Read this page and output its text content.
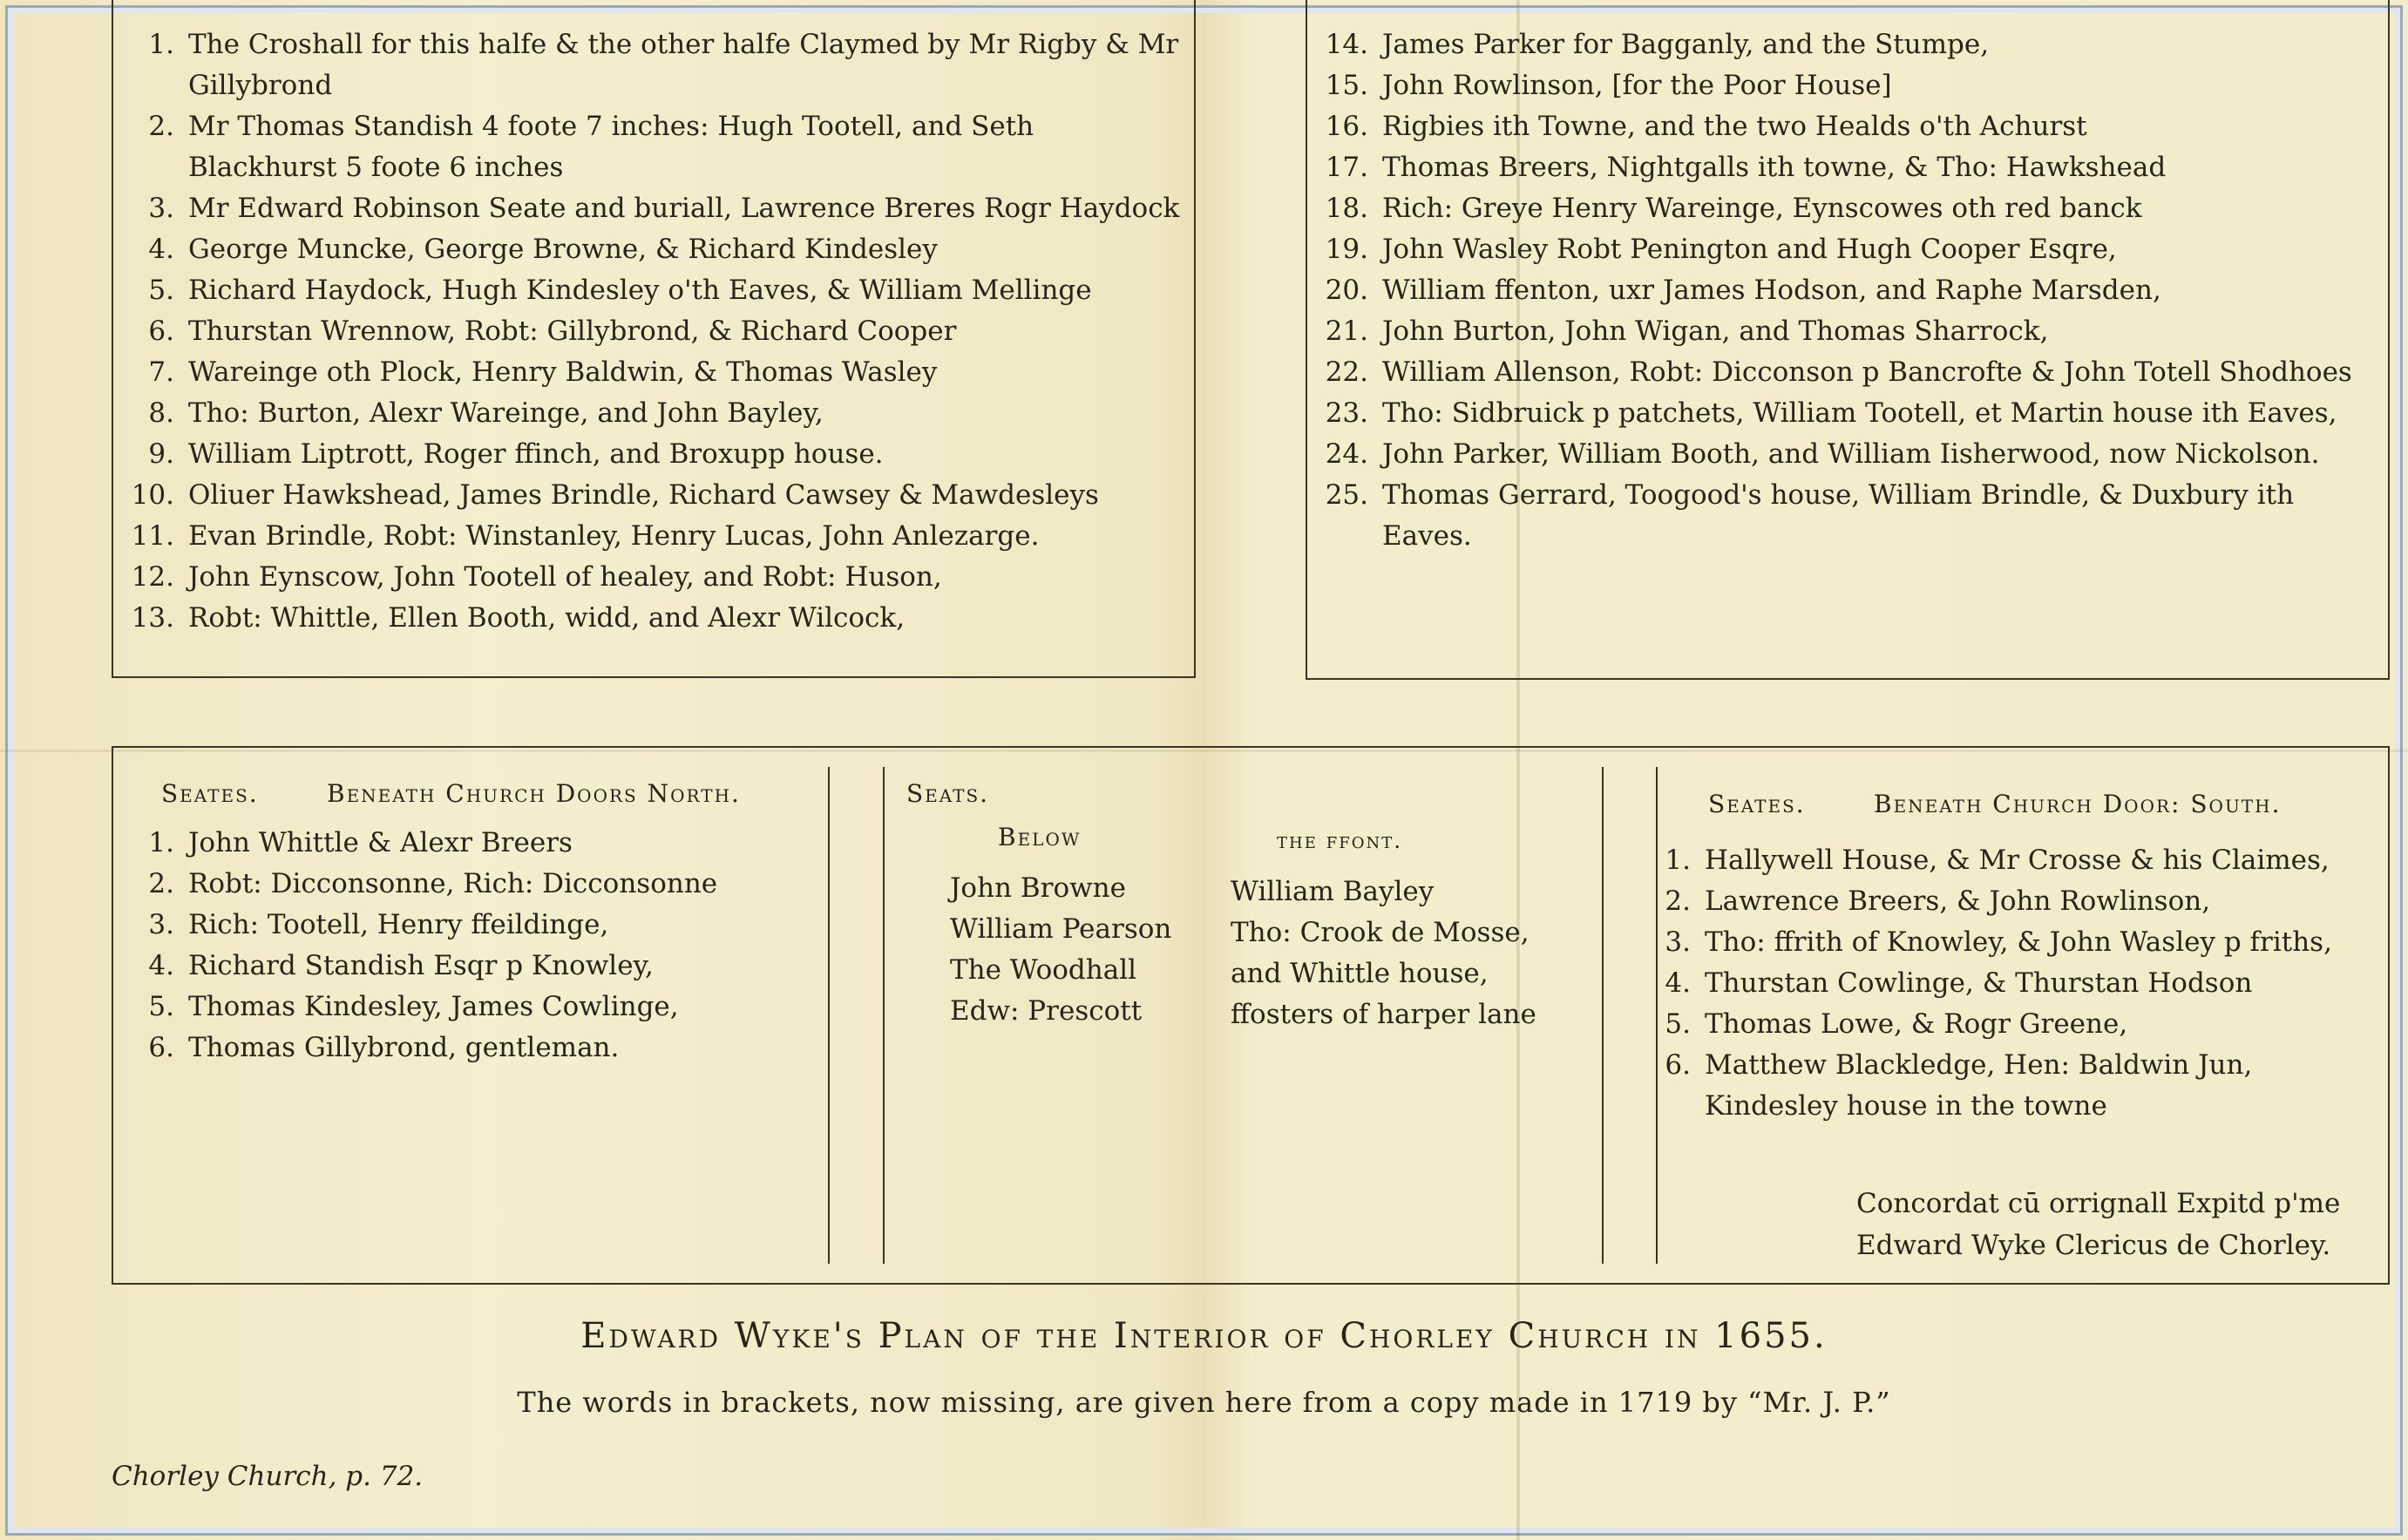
1. The Croshall for this halfe & the other halfe Claymed by Mr Rigby & Mr Gillybrond
2. Mr Thomas Standish 4 foote 7 inches: Hugh Tootell, and Seth Blackhurst 5 foote 6 inches
3. Mr Edward Robinson Seate and buriall, Lawrence Breres Rogr Haydock
4. George Muncke, George Browne, & Richard Kindesley
5. Richard Haydock, Hugh Kindesley o'th Eaves, & William Mellinge
6. Thurstan Wrennow, Robt: Gillybrond, & Richard Cooper
7. Wareinge oth Plock, Henry Baldwin, & Thomas Wasley
8. Tho: Burton, Alexr Wareinge, and John Bayley,
9. William Liptrott, Roger ffinch, and Broxupp house.
10. Oliuer Hawkshead, James Brindle, Richard Cawsey & Mawdesleys
11. Evan Brindle, Robt: Winstanley, Henry Lucas, John Anlezarge.
12. John Eynscow, John Tootell of healey, and Robt: Huson,
13. Robt: Whittle, Ellen Booth, widd, and Alexr Wilcock,
14. James Parker for Bagganly, and the Stumpe,
15. John Rowlinson, [for the Poor House]
16. Rigbies ith Towne, and the two Healds o'th Achurst
17. Thomas Breers, Nightgalls ith towne, & Tho: Hawkshead
18. Rich: Greye Henry Wareinge, Eynscowes oth red banck
19. John Wasley Robt Penington and Hugh Cooper Esqre,
20. William ffenton, uxr James Hodson, and Raphe Marsden,
21. John Burton, John Wigan, and Thomas Sharrock,
22. William Allenson, Robt: Dicconson p Bancrofte & John Totell Shodhoes
23. Tho: Sidbruick p patchets, William Tootell, et Martin house ith Eaves,
24. John Parker, William Booth, and William Iisherwood, now Nickolson.
25. Thomas Gerrard, Toogood's house, William Brindle, & Duxbury ith Eaves.
Seates.	Beneath Church Doors North.
1. John Whittle & Alexr Breers
2. Robt: Dicconsonne, Rich: Dicconsonne
3. Rich: Tootell, Henry ffeildinge,
4. Richard Standish Esqr p Knowley,
5. Thomas Kindesley, James Cowlinge,
6. Thomas Gillybrond, gentleman.
Seats.
Below	the ffont.
John Browne
William Pearson
The Woodhall
Edw: Prescott
William Bayley
Tho: Crook de Mosse,
and Whittle house,
ffosters of harper lane
Seates.	Beneath Church Door: South.
1. Hallywell House, & Mr Crosse & his Claimes,
2. Lawrence Breers, & John Rowlinson,
3. Tho: ffrith of Knowley, & John Wasley p friths,
4. Thurstan Cowlinge, & Thurstan Hodson
5. Thomas Lowe, & Rogr Greene,
6. Matthew Blackledge, Hen: Baldwin Jun, Kindesley house in the towne
Concordat cū orrignall Expitd p'me
Edward Wyke Clericus de Chorley.
Edward Wyke's Plan of the Interior of Chorley Church in 1655.
The words in brackets, now missing, are given here from a copy made in 1719 by “Mr. J. P.”
Chorley Church, p. 72.
